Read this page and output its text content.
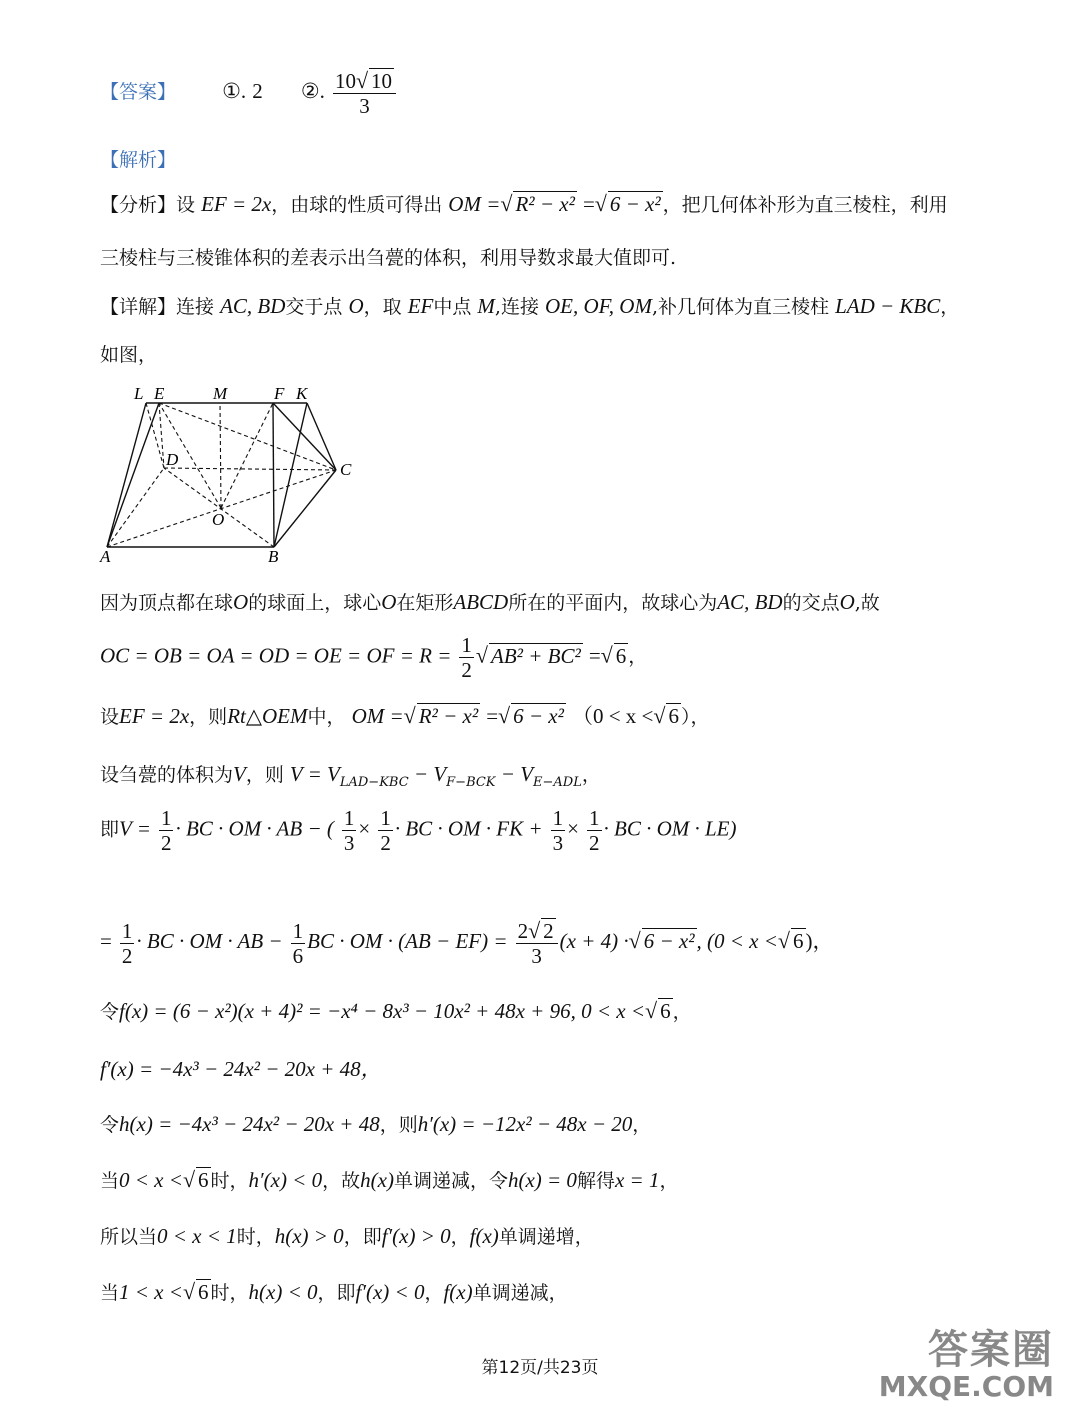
【答案】 ①. 2 ②. $\frac{10√ 10}{3}$
【解析】
【分析】设 EF = 2x，由球的性质可得出 OM =√ R² − x² =√ 6 − x² ，把几何体补形为直三棱柱，利用
三棱柱与三棱锥体积的差表示出刍甍的体积，利用导数求最大值即可.
【详解】连接 AC, BD交于点 O，取 EF中点 M,连接 OE, OF, OM,补几何体为直三棱柱 LAD − KBC，
如图，
L E	M	F K
D
C
O
A	B
因为顶点都在球O的球面上，球心O在矩形ABCD所在的平面内，故球心为AC, BD的交点O,故
OC = OB = OA = OD = OE = OF = $R = \frac{1}{2}$ √ AB² + BC² =√ 6 ，
设EF = 2x，则Rt△OEM中， OM =√ R² − x² =√ 6 − x² （0 < x <√ 6 ），
设刍甍的体积为V，则 $V = V_{LAD-KBC} - V_{F-BCK} - V_{E-ADL}$，
即$V = \frac{1}{2}$ · BC · OM · AB − ( $\frac{1}{3} \times \frac{1}{2}$ · BC · OM · FK + $\frac{1}{3} \times \frac{1}{2}$ · BC · OM · LE)
= $\frac{1}{2}$ · BC · OM · AB − $\frac{1}{6}$ BC · OM · $(AB - EF) = \frac{2√ 2}{3} (x + 4)$ ·√ 6 − x², (0 < x <√ 6)，
令f(x) = (6 − x²)(x + 4)² = −x⁴ − 8x³ − 10x² + 48x + 96, 0 < x <√ 6 ，
f′(x) = −4x³ − 24x² − 20x + 48，
令h(x) = −4x³ − 24x² − 20x + 48，则h′(x) = −12x² − 48x − 20，
当0 < x <√ 6 时，h′(x) < 0，故h(x)单调递减，令h(x) = 0解得x = 1，
所以当0 < x < 1时，h(x) > 0，即f′(x) > 0，f(x)单调递增，
当1 < x <√ 6 时，h(x) < 0，即f′(x) < 0，f(x)单调递减，
第12页/共23页	答案圈
MXQE.COM
